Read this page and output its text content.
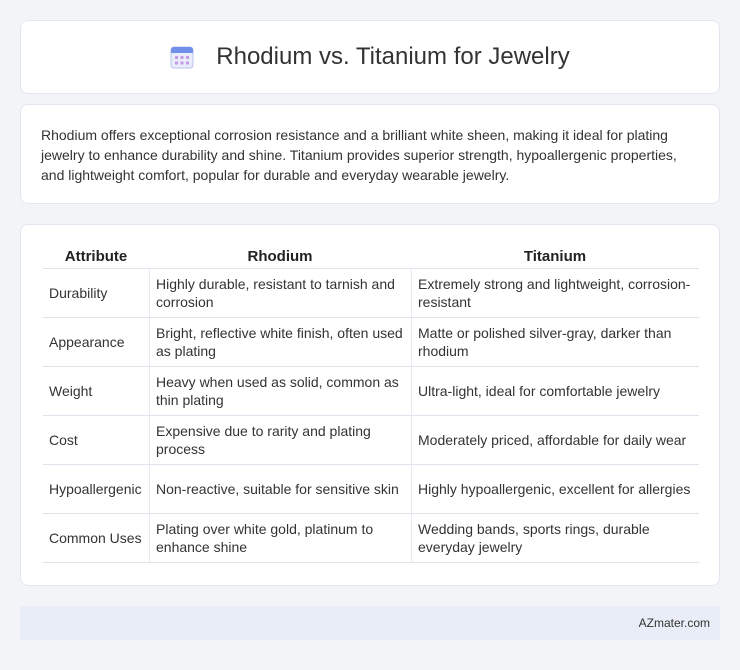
Rhodium vs. Titanium for Jewelry

Rhodium offers exceptional corrosion resistance and a brilliant white sheen, making it ideal for plating jewelry to enhance durability and shine. Titanium provides superior strength, hypoallergenic properties, and lightweight comfort, popular for durable and everyday wearable jewelry.

Attribute	Rhodium	Titanium
Durability	Highly durable, resistant to tarnish and corrosion	Extremely strong and lightweight, corrosion-resistant
Appearance	Bright, reflective white finish, often used as plating	Matte or polished silver-gray, darker than rhodium
Weight	Heavy when used as solid, common as thin plating	Ultra-light, ideal for comfortable jewelry
Cost	Expensive due to rarity and plating process	Moderately priced, affordable for daily wear
Hypoallergenic	Non-reactive, suitable for sensitive skin	Highly hypoallergenic, excellent for allergies
Common Uses	Plating over white gold, platinum to enhance shine	Wedding bands, sports rings, durable everyday jewelry
AZmater.com
